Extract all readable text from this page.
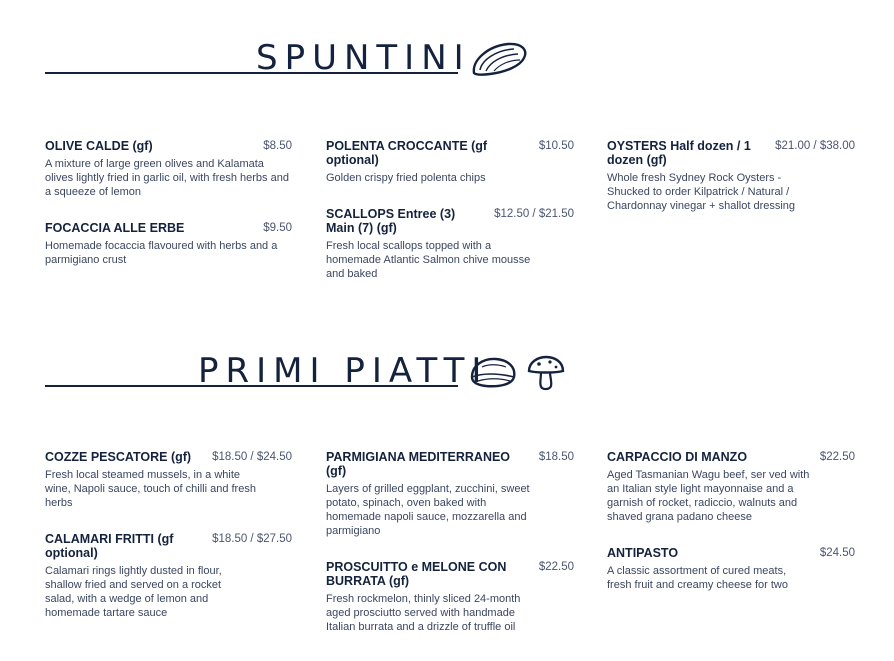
SPUNTINI
OLIVE CALDE (gf)	$8.50
A mixture of large green olives and Kalamata olives lightly fried in garlic oil, with fresh herbs and a squeeze of lemon
FOCACCIA ALLE ERBE	$9.50
Homemade focaccia flavoured with herbs and a parmigiano crust
POLENTA CROCCANTE (gf optional)
$10.50
Golden crispy fried polenta chips
SCALLOPS Entree (3) Main (7) (gf)
$12.50 / $21.50
Fresh local scallops topped with a homemade Atlantic Salmon chive mousse and baked
OYSTERS Half dozen / 1 dozen (gf)
$21.00 / $38.00
Whole fresh Sydney Rock Oysters - Shucked to order Kilpatrick / Natural / Chardonnay vinegar + shallot dressing
PRIMI PIATTI
COZZE PESCATORE (gf)	$18.50 / $24.50
Fresh local steamed mussels, in a white wine, Napoli sauce, touch of chilli and fresh herbs
CALAMARI FRITTI (gf optional)
$18.50 / $27.50
Calamari rings lightly dusted in flour, shallow fried and served on a rocket salad, with a wedge of lemon and homemade tartare sauce
PARMIGIANA MEDITERRANEO (gf)
$18.50
Layers of grilled eggplant, zucchini, sweet potato, spinach, oven baked with homemade napoli sauce, mozzarella and parmigiano
PROSCUITTO e MELONE CON BURRATA (gf)
$22.50
Fresh rockmelon, thinly sliced 24-month aged prosciutto served with handmade Italian burrata and a drizzle of truffle oil
CARPACCIO DI MANZO	$22.50
Aged Tasmanian Wagu beef, ser ved with an Italian style light mayonnaise and a garnish of rocket, radiccio, walnuts and shaved grana padano cheese
ANTIPASTO	$24.50
A classic assortment of cured meats, fresh fruit and creamy cheese for two
